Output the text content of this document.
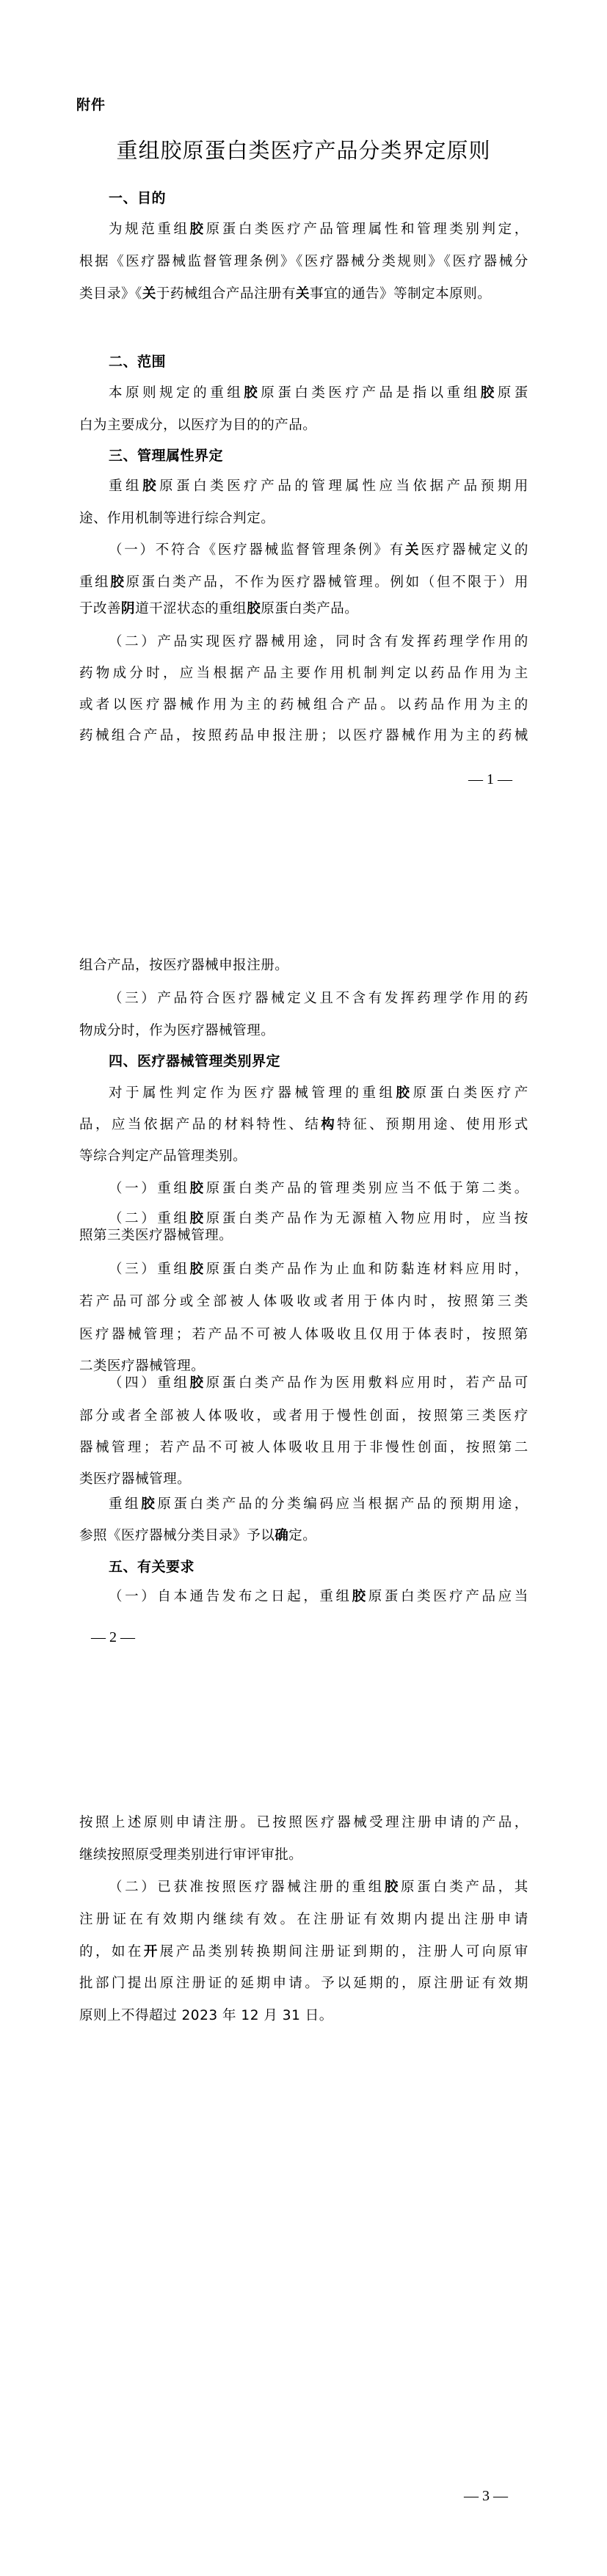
附件
重组胶原蛋白类医疗产品分类界定原则
一、目的
为规范重组胶原蛋白类医疗产品管理属性和管理类别判定，
根据《医疗器械监督管理条例》《医疗器械分类规则》《医疗器械分
类目录》《关于药械组合产品注册有关事宜的通告》等制定本原则。
二、范围
本原则规定的重组胶原蛋白类医疗产品是指以重组胶原蛋
白为主要成分，以医疗为目的的产品。
三、管理属性界定
重组胶原蛋白类医疗产品的管理属性应当依据产品预期用
途、作用机制等进行综合判定。
（一）不符合《医疗器械监督管理条例》有关医疗器械定义的
重组胶原蛋白类产品，不作为医疗器械管理。例如（但不限于）用
于改善阴道干涩状态的重组胶原蛋白类产品。
（二）产品实现医疗器械用途，同时含有发挥药理学作用的
药物成分时，应当根据产品主要作用机制判定以药品作用为主
或者以医疗器械作用为主的药械组合产品。以药品作用为主的
药械组合产品，按照药品申报注册；以医疗器械作用为主的药械
组合产品，按医疗器械申报注册。
（三）产品符合医疗器械定义且不含有发挥药理学作用的药
物成分时，作为医疗器械管理。
四、医疗器械管理类别界定
对于属性判定作为医疗器械管理的重组胶原蛋白类医疗产
品，应当依据产品的材料特性、结构特征、预期用途、使用形式
等综合判定产品管理类别。
（一）重组胶原蛋白类产品的管理类别应当不低于第二类。
（二）重组胶原蛋白类产品作为无源植入物应用时，应当按
照第三类医疗器械管理。
（三）重组胶原蛋白类产品作为止血和防黏连材料应用时，
若产品可部分或全部被人体吸收或者用于体内时，按照第三类
医疗器械管理；若产品不可被人体吸收且仅用于体表时，按照第
二类医疗器械管理。
（四）重组胶原蛋白类产品作为医用敷料应用时，若产品可
部分或者全部被人体吸收，或者用于慢性创面，按照第三类医疗
器械管理；若产品不可被人体吸收且用于非慢性创面，按照第二
类医疗器械管理。
重组胶原蛋白类产品的分类编码应当根据产品的预期用途，
参照《医疗器械分类目录》予以确定。
五、有关要求
（一）自本通告发布之日起，重组胶原蛋白类医疗产品应当
按照上述原则申请注册。已按照医疗器械受理注册申请的产品，
继续按照原受理类别进行审评审批。
（二）已获准按照医疗器械注册的重组胶原蛋白类产品，其
注册证在有效期内继续有效。在注册证有效期内提出注册申请
的，如在开展产品类别转换期间注册证到期的，注册人可向原审
批部门提出原注册证的延期申请。予以延期的，原注册证有效期
原则上不得超过 2023 年 12 月 31 日。
— 1 —
— 2 —
— 3 —
